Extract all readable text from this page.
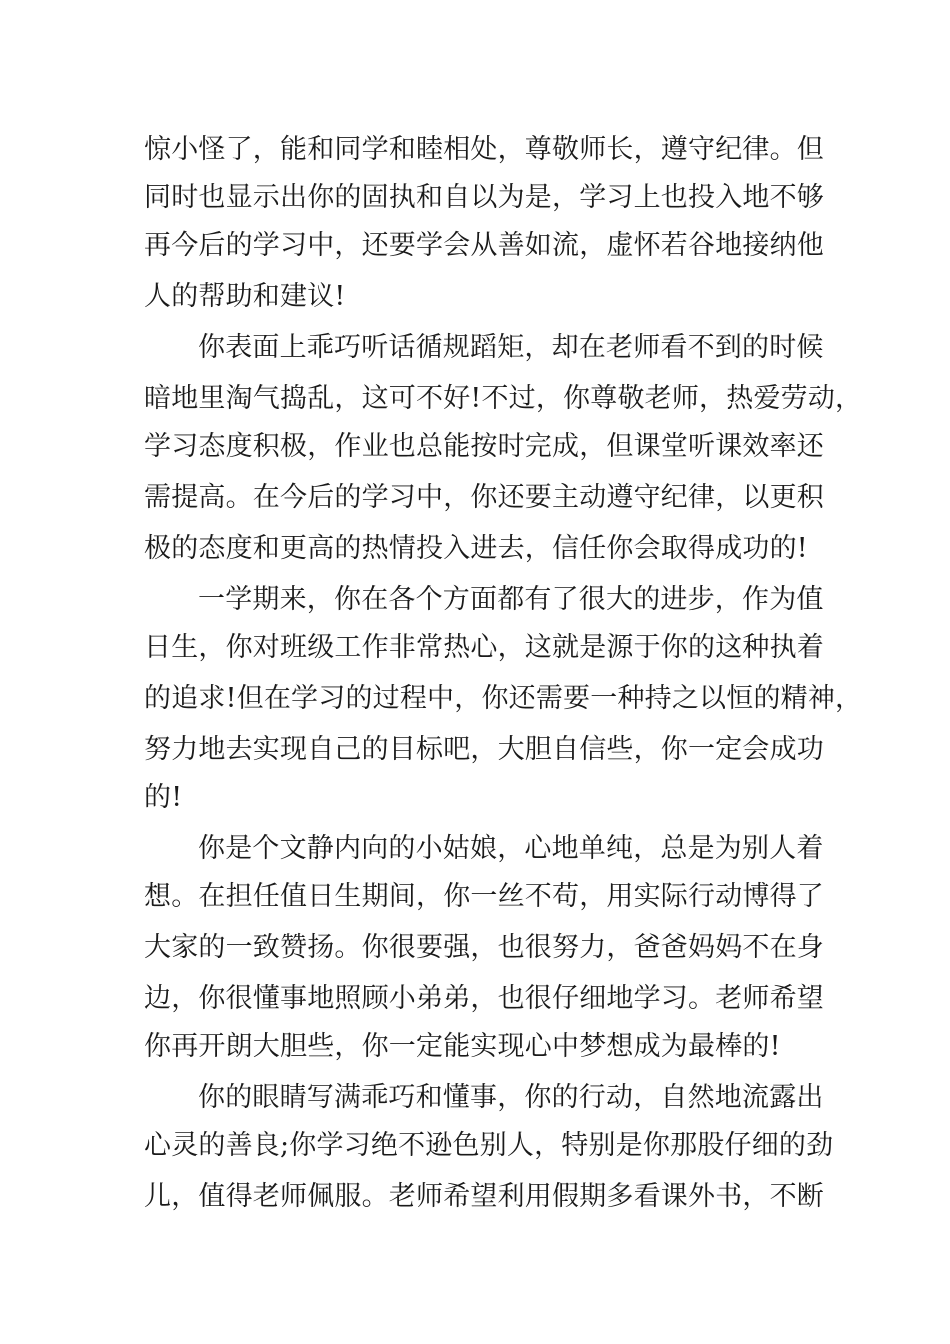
惊小怪了，能和同学和睦相处，尊敬师长，遵守纪律。但
同时也显示出你的固执和自以为是，学习上也投入地不够
再今后的学习中，还要学会从善如流，虚怀若谷地接纳他
人的帮助和建议!
你表面上乖巧听话循规蹈矩，却在老师看不到的时候
暗地里淘气捣乱，这可不好!不过，你尊敬老师，热爱劳动，
学习态度积极，作业也总能按时完成，但课堂听课效率还
需提高。在今后的学习中，你还要主动遵守纪律，以更积
极的态度和更高的热情投入进去，信任你会取得成功的!
一学期来，你在各个方面都有了很大的进步，作为值
日生，你对班级工作非常热心，这就是源于你的这种执着
的追求!但在学习的过程中，你还需要一种持之以恒的精神，
努力地去实现自己的目标吧，大胆自信些，你一定会成功
的!
你是个文静内向的小姑娘，心地单纯，总是为别人着
想。在担任值日生期间，你一丝不苟，用实际行动博得了
大家的一致赞扬。你很要强，也很努力，爸爸妈妈不在身
边，你很懂事地照顾小弟弟，也很仔细地学习。老师希望
你再开朗大胆些，你一定能实现心中梦想成为最棒的!
你的眼睛写满乖巧和懂事，你的行动，自然地流露出
心灵的善良;你学习绝不逊色别人，特别是你那股仔细的劲
儿，值得老师佩服。老师希望利用假期多看课外书，不断
